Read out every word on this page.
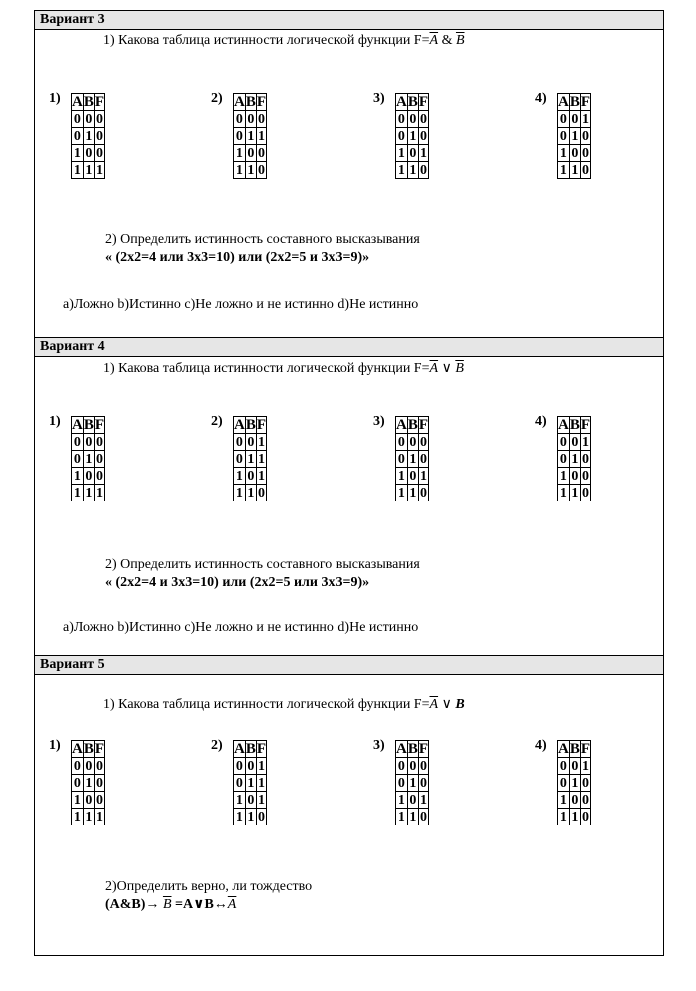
Вариант 3
1) Какова таблица истинности логической функции $F=\overline{A}$ & $\overline{B}$
1) A	B	F
0	0	0
0	1	0
1	0	0
1	1	1
2) A	B	F
0	0	0
0	1	1
1	0	0
1	1	0
3) A	B	F
0	0	0
0	1	0
1	0	1
1	1	0
4) A	B	F
0	0	1
0	1	0
1	0	0
1	1	0
2) Определить истинность составного высказывания
« (2х2=4 или 3х3=10) или (2х2=5 и 3х3=9)»
а)Ложно b)Истинно c)Не ложно и не истинно d)Не истинно
Вариант 4
1) Какова таблица истинности логической функции $F=\overline{A}$ ∨ $\overline{B}$
1) A	B	F
0	0	0
0	1	0
1	0	0
1	1	1
2) A	B	F
0	0	1
0	1	1
1	0	1
1	1	0
3) A	B	F
0	0	0
0	1	0
1	0	1
1	1	0
4) A	B	F
0	0	1
0	1	0
1	0	0
1	1	0
2) Определить истинность составного высказывания
« (2х2=4 и 3х3=10) или (2х2=5 или 3х3=9)»
а)Ложно b)Истинно c)Не ложно и не истинно d)Не истинно
Вариант 5
1) Какова таблица истинности логической функции $F=\overline{A}$ ∨ B
1) A	B	F
0	0	0
0	1	0
1	0	0
1	1	1
2) A	B	F
0	0	1
0	1	1
1	0	1
1	1	0
3) A	B	F
0	0	0
0	1	0
1	0	1
1	1	0
4) A	B	F
0	0	1
0	1	0
1	0	0
1	1	0
2)Определить верно, ли тождество
(A&B)→ $\overline{B}$ $=A\vee B\leftrightarrow\overline{A}$
